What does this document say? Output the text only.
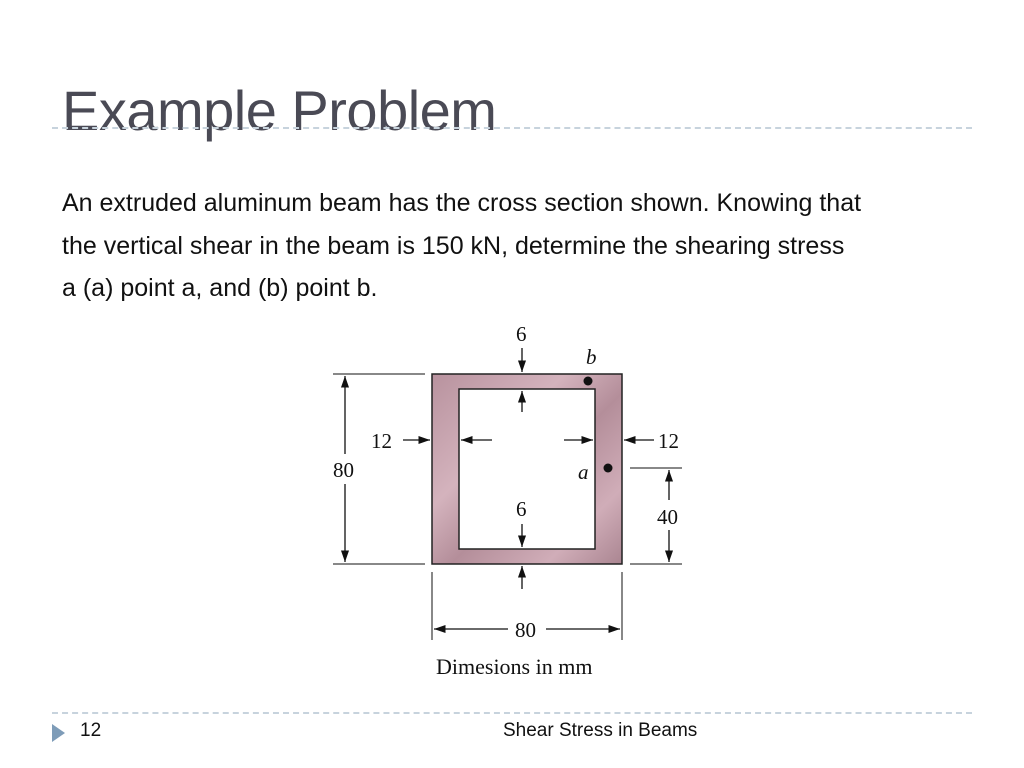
Example Problem
An extruded aluminum beam has the cross section shown. Knowing that
the vertical shear in the beam is 150 kN, determine the shearing stress
a (a) point a, and (b) point b.
b
a
6
6
12	12
80
40
80
Dimesions in mm
12	Shear Stress in Beams
